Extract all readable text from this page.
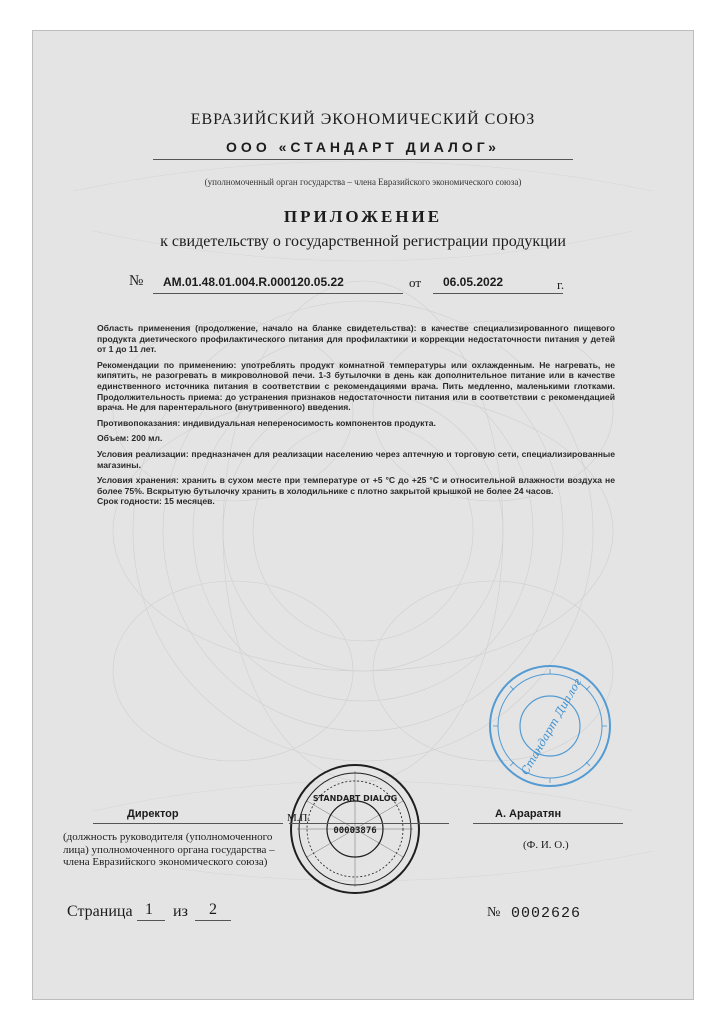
ЕВРАЗИЙСКИЙ ЭКОНОМИЧЕСКИЙ СОЮЗ
ООО «СТАНДАРТ ДИАЛОГ»
(уполномоченный орган государства – члена Евразийского экономического союза)
ПРИЛОЖЕНИЕ
к свидетельству о государственной регистрации продукции
№ AM.01.48.01.004.R.000120.05.22	от 06.05.2022	г.

Область применения (продолжение, начало на бланке свидетельства): в качестве специализированного пищевого продукта диетического профилактического питания для профилактики и коррекции недостаточности питания у детей от 1 до 11 лет.

Рекомендации по применению: употреблять продукт комнатной температуры или охлажденным. Не нагревать, не кипятить, не разогревать в микроволновой печи. 1-3 бутылочки в день как дополнительное питание или в качестве единственного источника питания в соответствии с рекомендациями врача. Пить медленно, маленькими глотками. Продолжительность приема: до устранения признаков недостаточности питания или в соответствии с рекомендацией врача. Не для парентерального (внутривенного) введения.

Противопоказания: индивидуальная непереносимость компонентов продукта.

Объем: 200 мл.

Условия реализации: предназначен для реализации населению через аптечную и торговую сети, специализированные магазины.

Условия хранения: хранить в сухом месте при температуре от +5 °С до +25 °С и относительной влажности воздуха не более 75%. Вскрытую бутылочку хранить в холодильнике с плотно закрытой крышкой не более 24 часов.

Срок годности: 15 месяцев.

Стандарт Диалог
STANDART DIALOG
00003876
Директор	М.П.	А. Араратян
(должность руководителя (уполномоченного лица) уполномоченного органа государства – члена Евразийского экономического союза)
(Ф. И. О.)
Страница 1 из 2	№ 0002626
